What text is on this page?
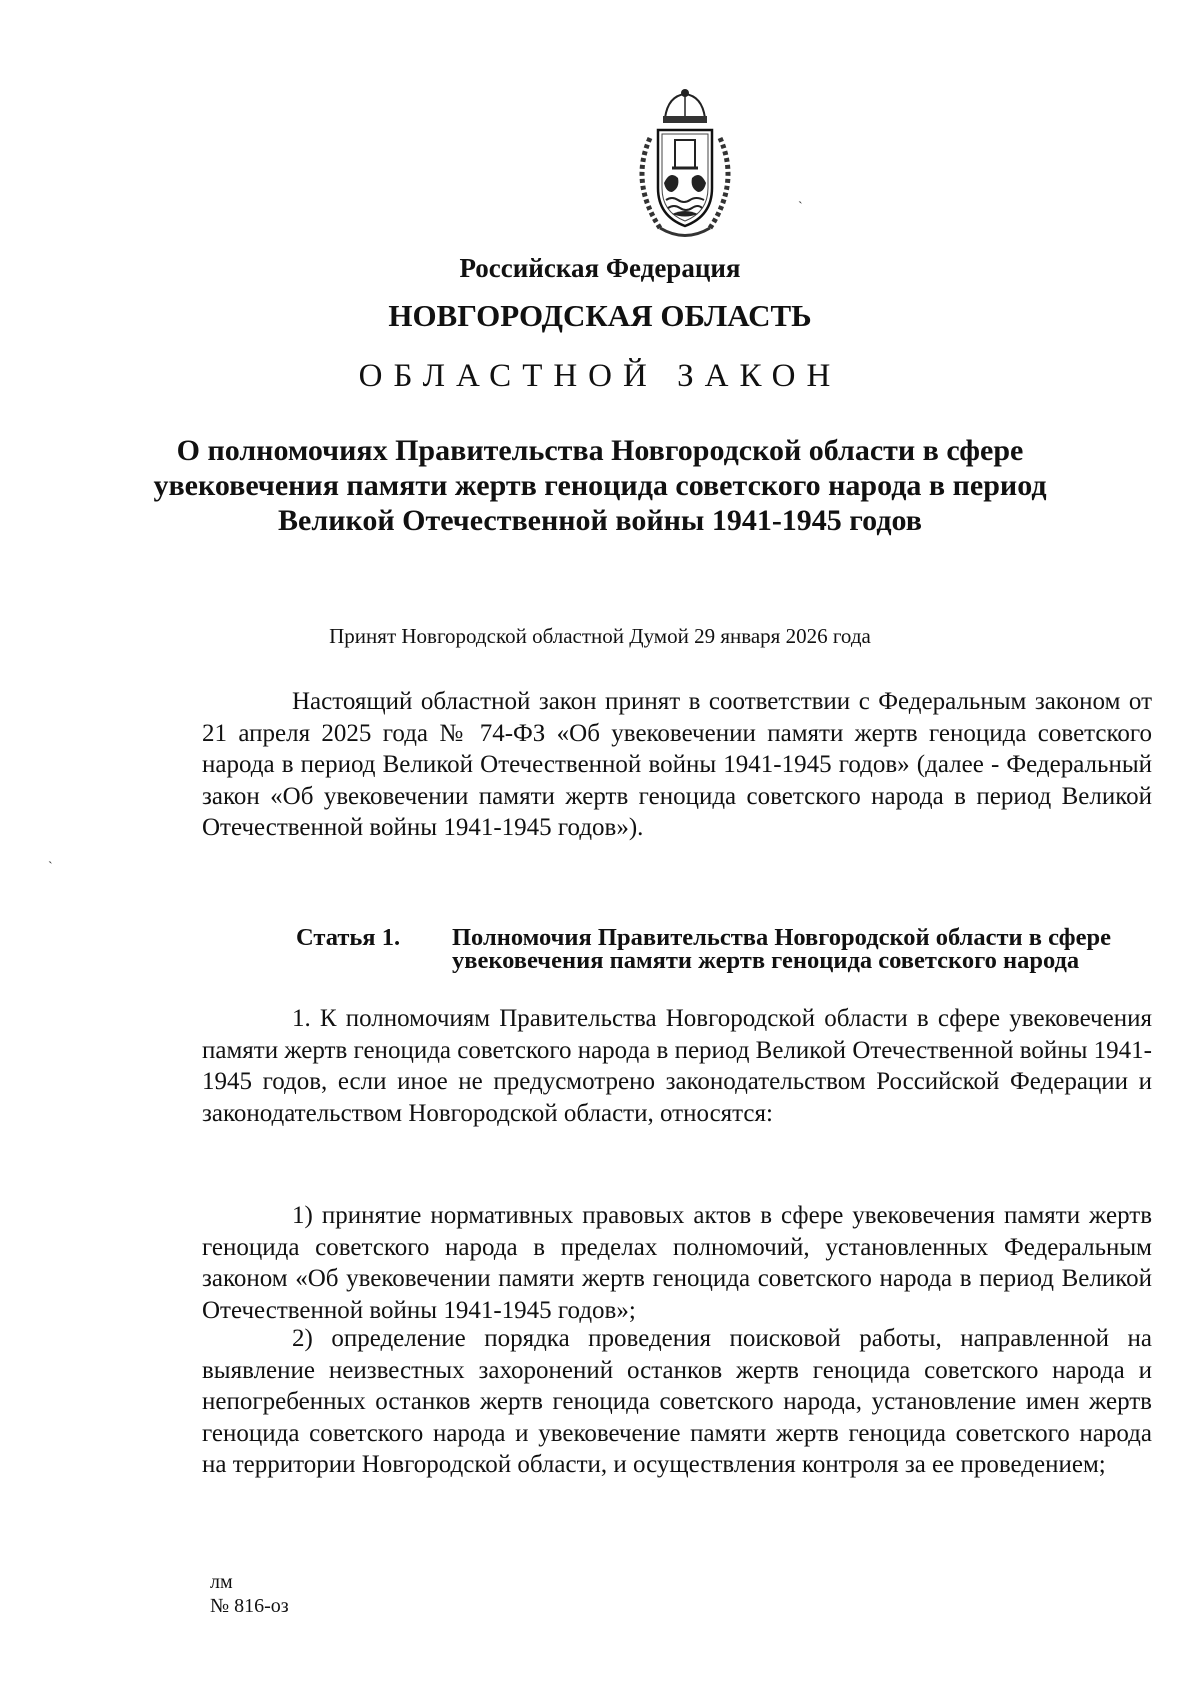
Российская Федерация
НОВГОРОДСКАЯ ОБЛАСТЬ
ОБЛАСТНОЙ ЗАКОН
О полномочиях Правительства Новгородской области в сфере увековечения памяти жертв геноцида советского народа в период Великой Отечественной войны 1941-1945 годов
Принят Новгородской областной Думой 29 января 2026 года

Настоящий областной закон принят в соответствии с Федеральным законом от 21 апреля 2025 года № 74-ФЗ «Об увековечении памяти жертв геноцида советского народа в период Великой Отечественной войны 1941-1945 годов» (далее - Федеральный закон «Об увековечении памяти жертв геноцида советского народа в период Великой Отечественной войны 1941-1945 годов»).

Статья 1. Полномочия Правительства Новгородской области в сфере увековечения памяти жертв геноцида советского народа

1. К полномочиям Правительства Новгородской области в сфере увековечения памяти жертв геноцида советского народа в период Великой Отечественной войны 1941-1945 годов, если иное не предусмотрено законодательством Российской Федерации и законодательством Новгородской области, относятся:

1) принятие нормативных правовых актов в сфере увековечения памяти жертв геноцида советского народа в пределах полномочий, установленных Федеральным законом «Об увековечении памяти жертв геноцида советского народа в период Великой Отечественной войны 1941-1945 годов»;

2) определение порядка проведения поисковой работы, направленной на выявление неизвестных захоронений останков жертв геноцида советского народа и непогребенных останков жертв геноцида советского народа, установление имен жертв геноцида советского народа и увековечение памяти жертв геноцида советского народа на территории Новгородской области, и осуществления контроля за ее проведением;

лм
№ 816-оз
`
`
